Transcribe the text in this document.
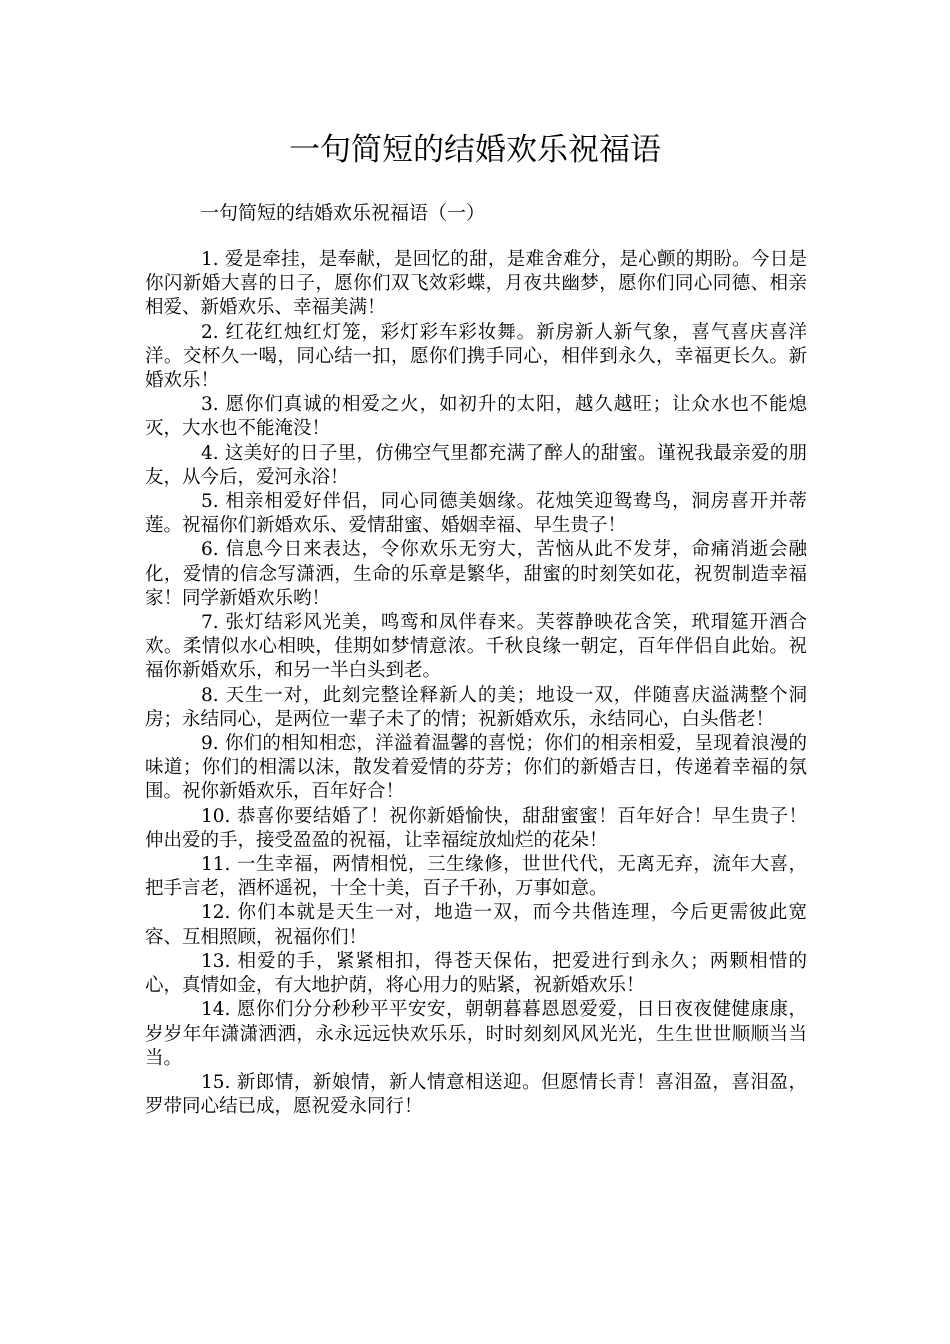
一句简短的结婚欢乐祝福语

一句简短的结婚欢乐祝福语（一）

1. 爱是牵挂，是奉献，是回忆的甜，是难舍难分，是心颤的期盼。今日是你闪新婚大喜的日子，愿你们双飞效彩蝶，月夜共幽梦，愿你们同心同德、相亲相爱、新婚欢乐、幸福美满！

2. 红花红烛红灯笼，彩灯彩车彩妆舞。新房新人新气象，喜气喜庆喜洋洋。交杯久一喝，同心结一扣，愿你们携手同心，相伴到永久，幸福更长久。新婚欢乐！

3. 愿你们真诚的相爱之火，如初升的太阳，越久越旺；让众水也不能熄灭，大水也不能淹没！

4. 这美好的日子里，仿佛空气里都充满了醉人的甜蜜。谨祝我最亲爱的朋友，从今后，爱河永浴！

5. 相亲相爱好伴侣，同心同德美姻缘。花烛笑迎鸳鸯鸟，洞房喜开并蒂莲。祝福你们新婚欢乐、爱情甜蜜、婚姻幸福、早生贵子！

6. 信息今日来表达，令你欢乐无穷大，苦恼从此不发芽，命痛消逝会融化，爱情的信念写潇洒，生命的乐章是繁华，甜蜜的时刻笑如花，祝贺制造幸福家！同学新婚欢乐哟！

7. 张灯结彩风光美，鸣鸾和凤伴春来。芙蓉静映花含笑，玳瑁筵开酒合欢。柔情似水心相映，佳期如梦情意浓。千秋良缘一朝定，百年伴侣自此始。祝福你新婚欢乐，和另一半白头到老。

8. 天生一对，此刻完整诠释新人的美；地设一双，伴随喜庆溢满整个洞房；永结同心，是两位一辈子未了的情；祝新婚欢乐，永结同心，白头偕老！

9. 你们的相知相恋，洋溢着温馨的喜悦；你们的相亲相爱，呈现着浪漫的味道；你们的相濡以沫，散发着爱情的芬芳；你们的新婚吉日，传递着幸福的氛围。祝你新婚欢乐，百年好合！

10. 恭喜你要结婚了！祝你新婚愉快，甜甜蜜蜜！百年好合！早生贵子！伸出爱的手，接受盈盈的祝福，让幸福绽放灿烂的花朵！

11. 一生幸福，两情相悦，三生缘修，世世代代，无离无弃，流年大喜，把手言老，酒杯遥祝，十全十美，百子千孙，万事如意。

12. 你们本就是天生一对，地造一双，而今共偕连理，今后更需彼此宽容、互相照顾，祝福你们！

13. 相爱的手，紧紧相扣，得苍天保佑，把爱进行到永久；两颗相惜的心，真情如金，有大地护荫，将心用力的贴紧，祝新婚欢乐！

14. 愿你们分分秒秒平平安安，朝朝暮暮恩恩爱爱，日日夜夜健健康康，岁岁年年潇潇洒洒，永永远远快欢乐乐，时时刻刻风风光光，生生世世顺顺当当当。

15. 新郎情，新娘情，新人情意相送迎。但愿情长青！喜泪盈，喜泪盈，罗带同心结已成，愿祝爱永同行！
